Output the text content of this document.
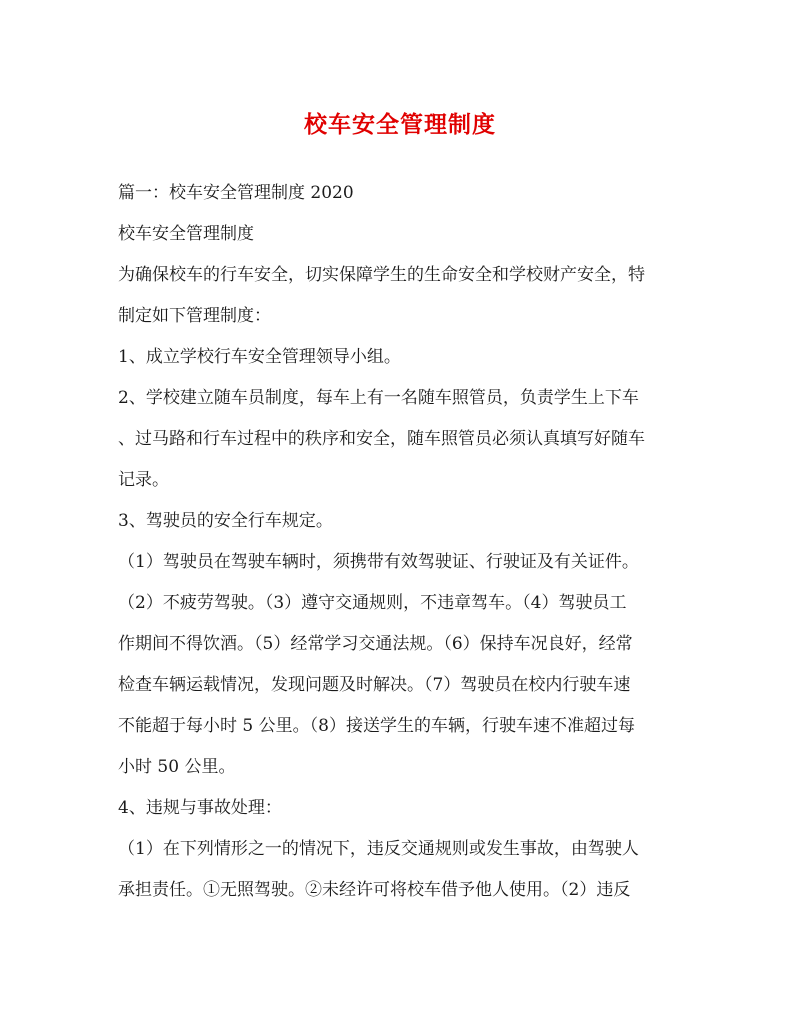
校车安全管理制度
篇一：校车安全管理制度 2020
校车安全管理制度
为确保校车的行车安全，切实保障学生的生命安全和学校财产安全，特
制定如下管理制度：
1、成立学校行车安全管理领导小组。
2、学校建立随车员制度，每车上有一名随车照管员，负责学生上下车
、过马路和行车过程中的秩序和安全，随车照管员必须认真填写好随车
记录。
3、驾驶员的安全行车规定。
（1）驾驶员在驾驶车辆时，须携带有效驾驶证、行驶证及有关证件。
（2）不疲劳驾驶。（3）遵守交通规则，不违章驾车。（4）驾驶员工
作期间不得饮酒。（5）经常学习交通法规。（6）保持车况良好，经常
检查车辆运载情况，发现问题及时解决。（7）驾驶员在校内行驶车速
不能超于每小时 5 公里。（8）接送学生的车辆，行驶车速不准超过每
小时 50 公里。
4、违规与事故处理：
（1）在下列情形之一的情况下，违反交通规则或发生事故，由驾驶人
承担责任。①无照驾驶。②未经许可将校车借予他人使用。（2）违反
